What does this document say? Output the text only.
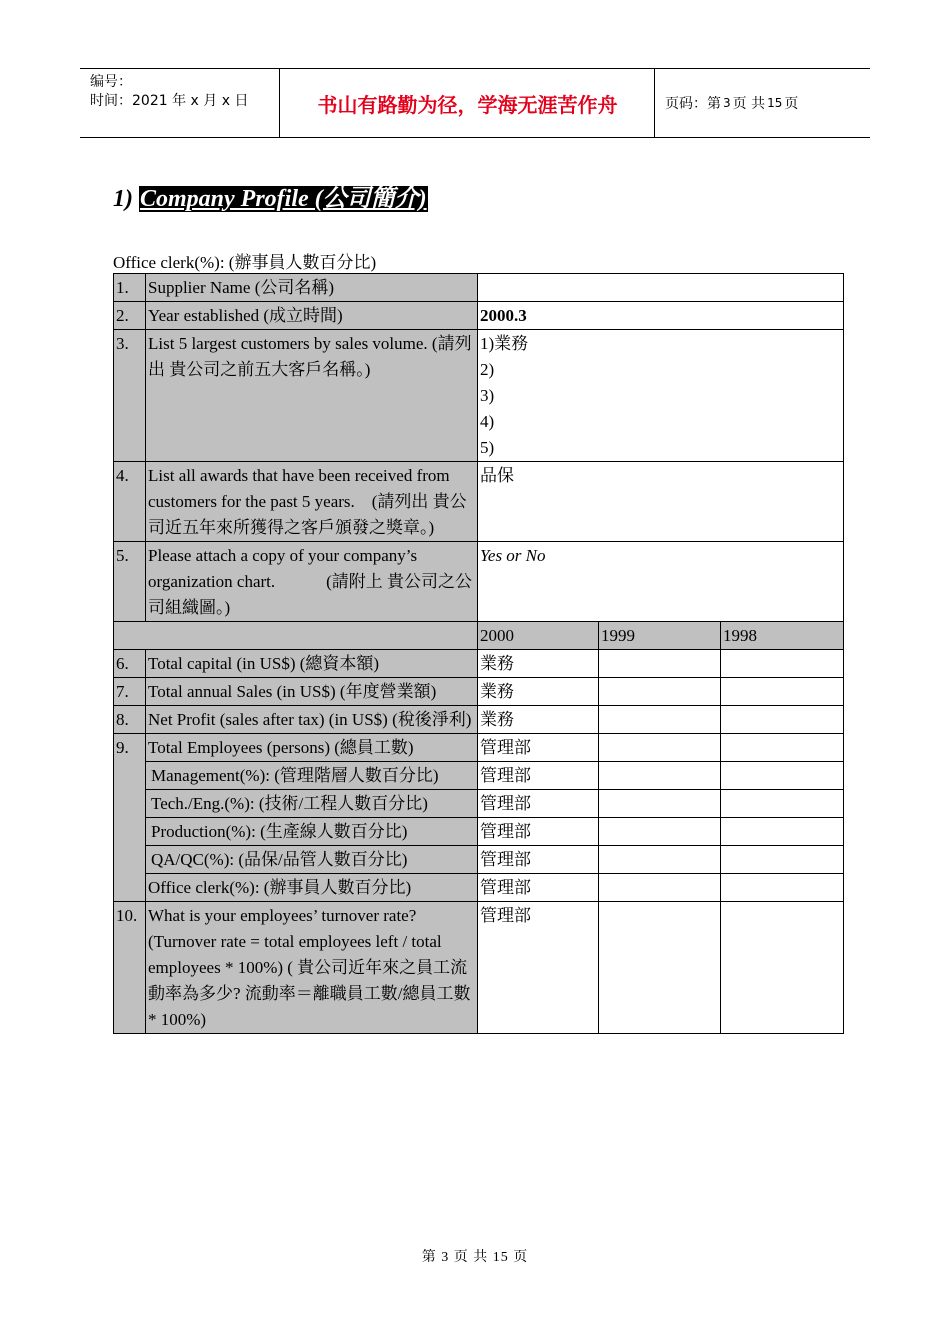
编号：
时间：2021 年 x 月 x 日	书山有路勤为径，学海无涯苦作舟	页码：第 3 页 共 15 页
1) Company Profile (公司簡介)
Office clerk(%): (辦事員人數百分比)
1.	Supplier Name (公司名稱)			
2.	Year established (成立時間)	2000.3		
3.	List 5 largest customers by sales volume. (請列出 貴公司之前五大客戶名稱。)	1)業務
2)
3)
4)
5)		

4.	List all awards that have been received from customers for the past 5 years.　(請列出 貴公司近五年來所獲得之客戶頒發之獎章。)	品保		
5.	Please attach a copy of your company’s organization chart.　　　(請附上 貴公司之公司組織圖。)	Yes or No		
		2000	1999	1998
6.	Total capital (in US$) (總資本額)	業務		
7.	Total annual Sales (in US$) (年度營業額)	業務		
8.	Net Profit (sales after tax) (in US$) (稅後淨利)	業務		
9.	Total Employees (persons) (總員工數)	管理部		
	Management(%): (管理階層人數百分比)	管理部		
	Tech./Eng.(%): (技術/工程人數百分比)	管理部		
	Production(%): (生產線人數百分比)	管理部		
	QA/QC(%): (品保/品管人數百分比)	管理部		
	Office clerk(%): (辦事員人數百分比)	管理部		
10.	What is your employees’ turnover rate? (Turnover rate = total employees left / total employees * 100%) ( 貴公司近年來之員工流動率為多少? 流動率＝離職員工數/總員工數 * 100%)	管理部		
第 3 页 共 15 页
